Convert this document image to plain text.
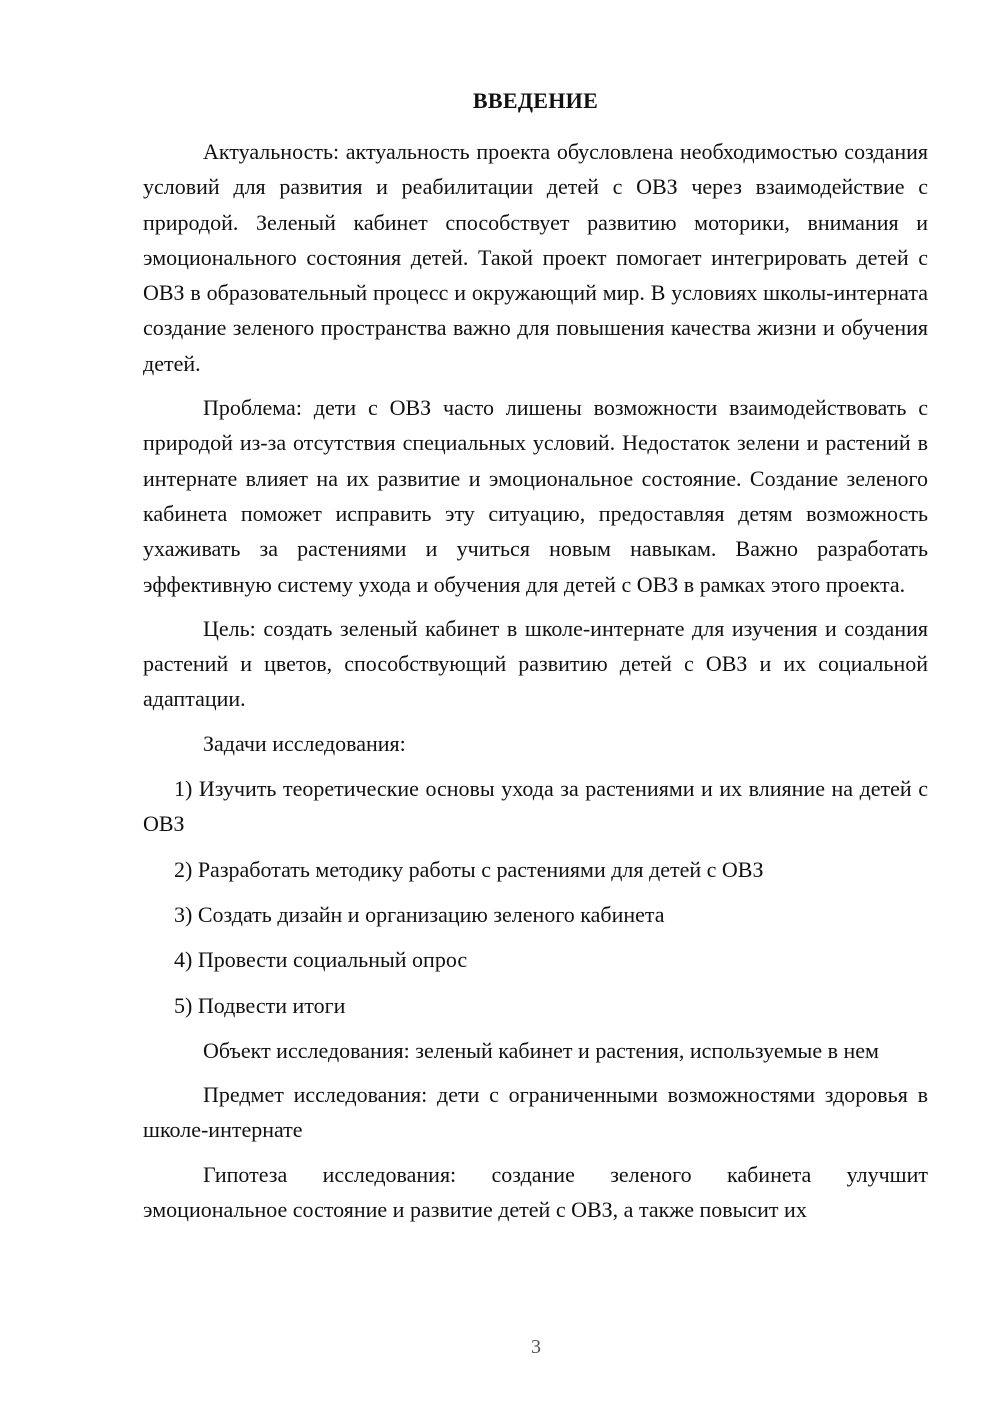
ВВЕДЕНИЕ

Актуальность: актуальность проекта обусловлена необходимостью создания условий для развития и реабилитации детей с ОВЗ через взаимодействие с природой. Зеленый кабинет способствует развитию моторики, внимания и эмоционального состояния детей. Такой проект помогает интегрировать детей с ОВЗ в образовательный процесс и окружающий мир. В условиях школы-интерната создание зеленого пространства важно для повышения качества жизни и обучения детей.

Проблема: дети с ОВЗ часто лишены возможности взаимодействовать с природой из-за отсутствия специальных условий. Недостаток зелени и растений в интернате влияет на их развитие и эмоциональное состояние. Создание зеленого кабинета поможет исправить эту ситуацию, предоставляя детям возможность ухаживать за растениями и учиться новым навыкам. Важно разработать эффективную систему ухода и обучения для детей с ОВЗ в рамках этого проекта.

Цель: создать зеленый кабинет в школе-интернате для изучения и создания растений и цветов, способствующий развитию детей с ОВЗ и их социальной адаптации.

Задачи исследования:

1) Изучить теоретические основы ухода за растениями и их влияние на детей с ОВЗ

2) Разработать методику работы с растениями для детей с ОВЗ

3) Создать дизайн и организацию зеленого кабинета

4) Провести социальный опрос

5) Подвести итоги

Объект исследования: зеленый кабинет и растения, используемые в нем

Предмет исследования: дети с ограниченными возможностями здоровья в школе-интернате

Гипотеза исследования: создание зеленого кабинета улучшит эмоциональное состояние и развитие детей с ОВЗ, а также повысит их

3
